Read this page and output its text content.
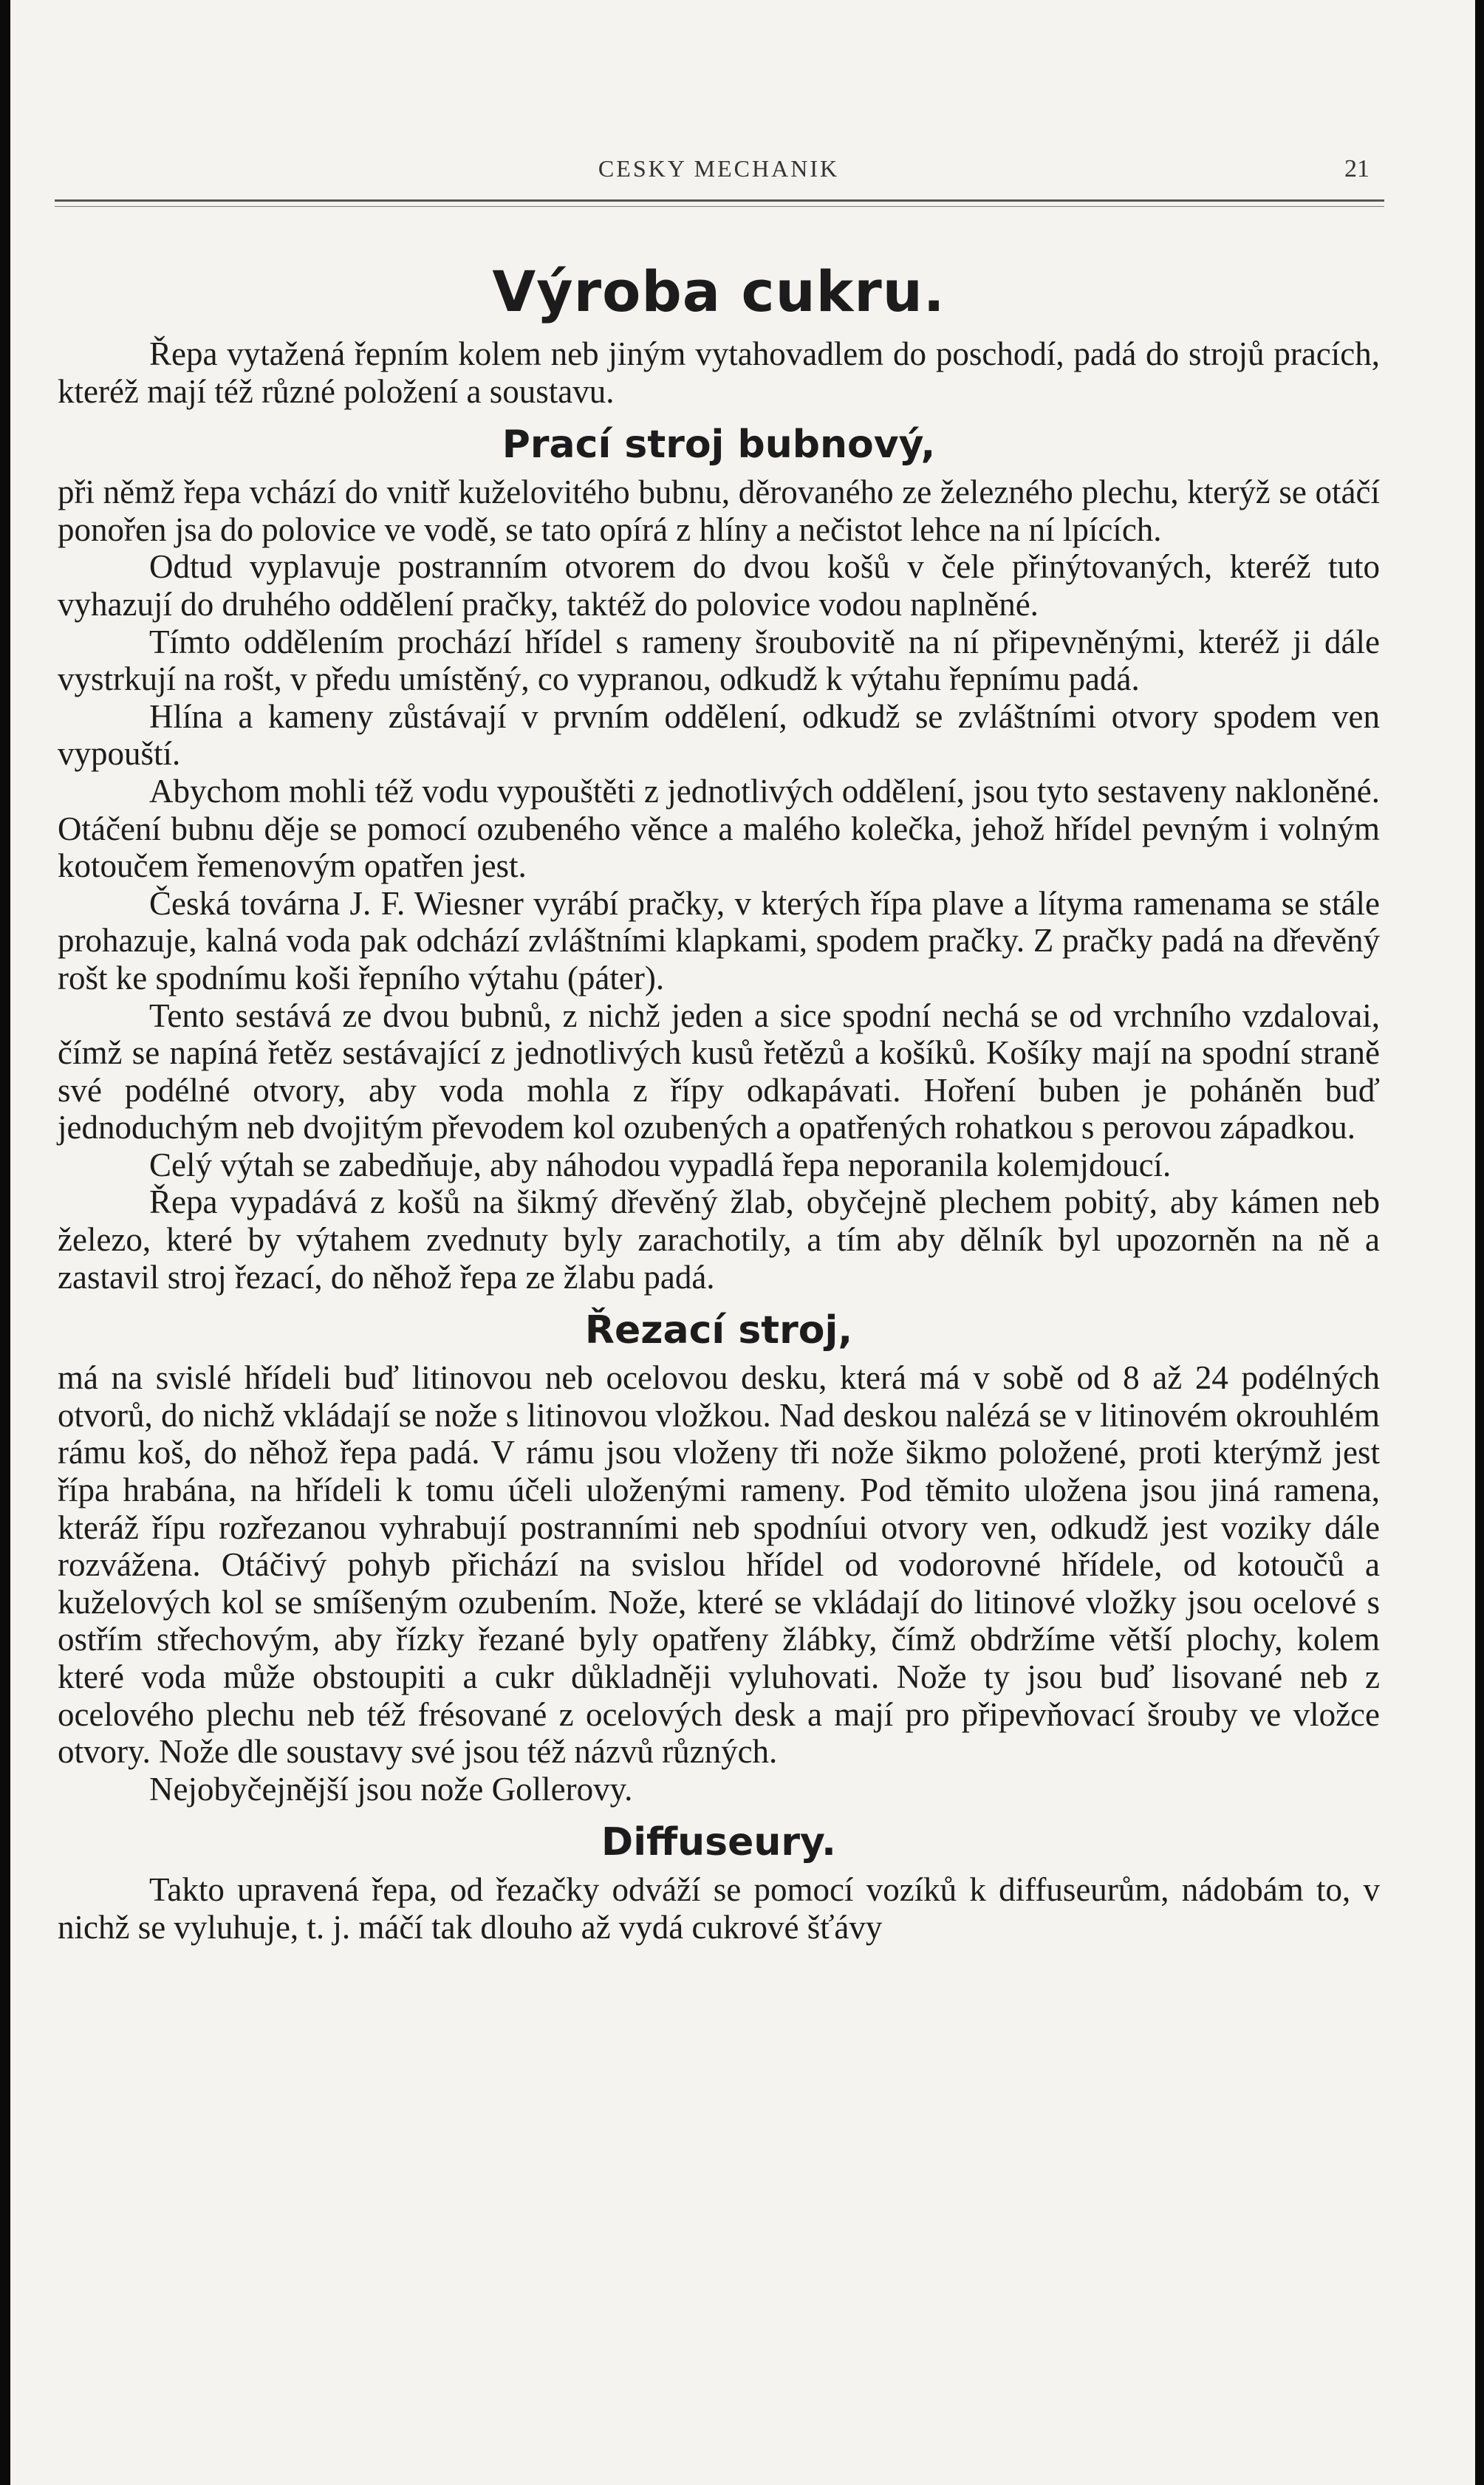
CESKY MECHANIK	21
Výroba cukru.

Řepa vytažená řepním kolem neb jiným vytahovadlem do poschodí, padá do strojů pracích, kteréž mají též různé položení a soustavu.

Prací stroj bubnový,

při němž řepa vchází do vnitř kuželovitého bubnu, děrovaného ze železného plechu, kterýž se otáčí ponořen jsa do polovice ve vodě, se tato opírá z hlíny a nečistot lehce na ní lpících.

Odtud vyplavuje postranním otvorem do dvou košů v čele přinýtovaných, kteréž tuto vyhazují do druhého oddělení pračky, taktéž do polovice vodou naplněné.

Tímto oddělením prochází hřídel s rameny šroubovitě na ní připevněnými, kteréž ji dále vystrkují na rošt, v předu umístěný, co vypranou, odkudž k výtahu řepnímu padá.

Hlína a kameny zůstávají v prvním oddělení, odkudž se zvláštními otvory spodem ven vypouští.

Abychom mohli též vodu vypouštěti z jednotlivých oddělení, jsou tyto sestaveny nakloněné. Otáčení bubnu děje se pomocí ozubeného věnce a malého kolečka, jehož hřídel pevným i volným kotoučem řemenovým opatřen jest.

Česká továrna J. F. Wiesner vyrábí pračky, v kterých řípa plave a lítyma ramenama se stále prohazuje, kalná voda pak odchází zvláštními klapkami, spodem pračky. Z pračky padá na dřevěný rošt ke spodnímu koši řepního výtahu (páter).

Tento sestává ze dvou bubnů, z nichž jeden a sice spodní nechá se od vrchního vzdalovai, čímž se napíná řetěz sestávající z jednotlivých kusů řetězů a košíků. Košíky mají na spodní straně své podélné otvory, aby voda mohla z řípy odkapávati. Hoření buben je poháněn buď jednoduchým neb dvojitým převodem kol ozubených a opatřených rohatkou s perovou západkou.

Celý výtah se zabedňuje, aby náhodou vypadlá řepa neporanila kolemjdoucí.

Řepa vypadává z košů na šikmý dřevěný žlab, obyčejně plechem pobitý, aby kámen neb železo, které by výtahem zvednuty byly zarachotily, a tím aby dělník byl upozorněn na ně a zastavil stroj řezací, do něhož řepa ze žlabu padá.

Řezací stroj,

má na svislé hřídeli buď litinovou neb ocelovou desku, která má v sobě od 8 až 24 podélných otvorů, do nichž vkládají se nože s litinovou vložkou. Nad deskou nalézá se v litinovém okrouhlém rámu koš, do něhož řepa padá. V rámu jsou vloženy tři nože šikmo položené, proti kterýmž jest řípa hrabána, na hřídeli k tomu účeli uloženými rameny. Pod těmito uložena jsou jiná ramena, kteráž řípu rozřezanou vyhrabují postranními neb spodníui otvory ven, odkudž jest voziky dále rozvážena. Otáčivý pohyb přichází na svislou hřídel od vodorovné hřídele, od kotoučů a kuželových kol se smíšeným ozubením. Nože, které se vkládají do litinové vložky jsou ocelové s ostřím střechovým, aby řízky řezané byly opatřeny žlábky, čímž obdržíme větší plochy, kolem které voda může obstoupiti a cukr důkladněji vyluhovati. Nože ty jsou buď lisované neb z ocelového plechu neb též frésované z ocelových desk a mají pro připevňovací šrouby ve vložce otvory. Nože dle soustavy své jsou též názvů různých.

Nejobyčejnější jsou nože Gollerovy.

Diffuseury.

Takto upravená řepa, od řezačky odváží se pomocí vozíků k diffuseurům, nádobám to, v nichž se vyluhuje, t. j. máčí tak dlouho až vydá cukrové šťávy
